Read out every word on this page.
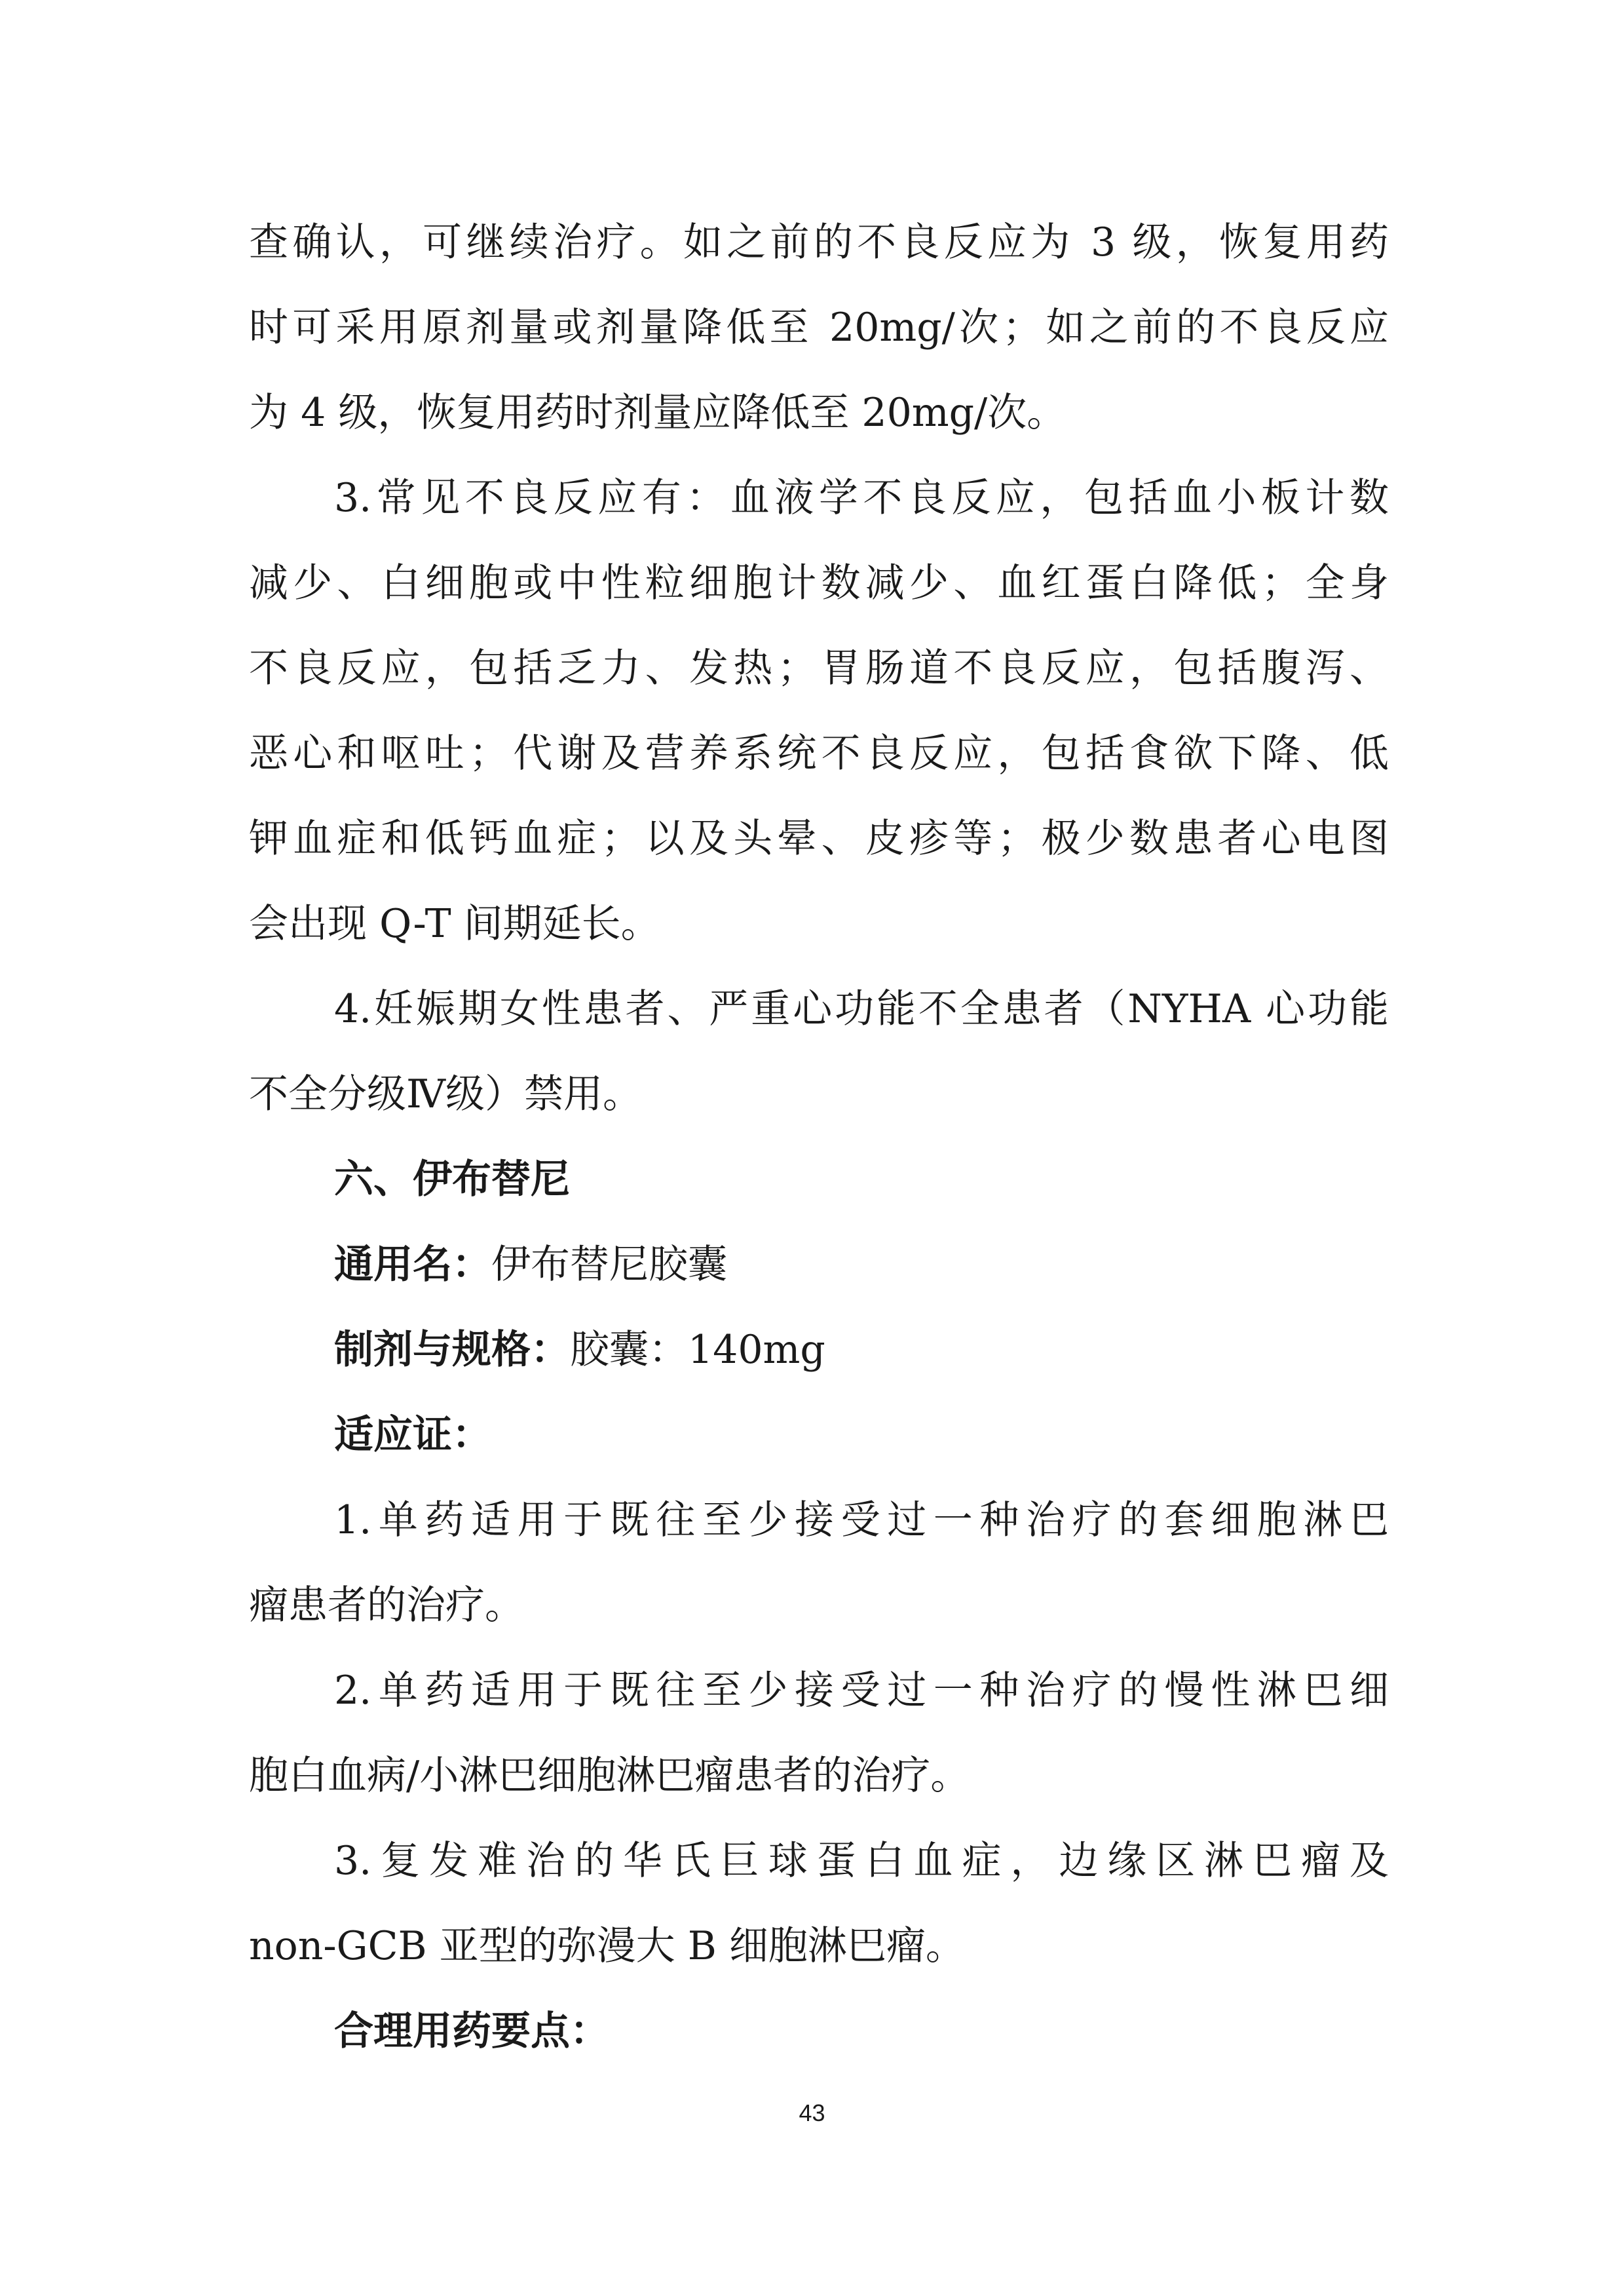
查确认，可继续治疗。如之前的不良反应为 3 级，恢复用药
时可采用原剂量或剂量降低至 20mg/次；如之前的不良反应
为 4 级，恢复用药时剂量应降低至 20mg/次。
3.常见不良反应有：血液学不良反应，包括血小板计数
减少、白细胞或中性粒细胞计数减少、血红蛋白降低；全身
不良反应，包括乏力、发热；胃肠道不良反应，包括腹泻、
恶心和呕吐；代谢及营养系统不良反应，包括食欲下降、低
钾血症和低钙血症；以及头晕、皮疹等；极少数患者心电图
会出现 Q-T 间期延长。
4.妊娠期女性患者、严重心功能不全患者（NYHA 心功能
不全分级Ⅳ级）禁用。
六、伊布替尼
通用名：伊布替尼胶囊
制剂与规格：胶囊：140mg
适应证：
1.单药适用于既往至少接受过一种治疗的套细胞淋巴
瘤患者的治疗。
2.单药适用于既往至少接受过一种治疗的慢性淋巴细
胞白血病/小淋巴细胞淋巴瘤患者的治疗。
3.复发难治的华氏巨球蛋白血症，边缘区淋巴瘤及
non-GCB 亚型的弥漫大 B 细胞淋巴瘤。
合理用药要点：
43
